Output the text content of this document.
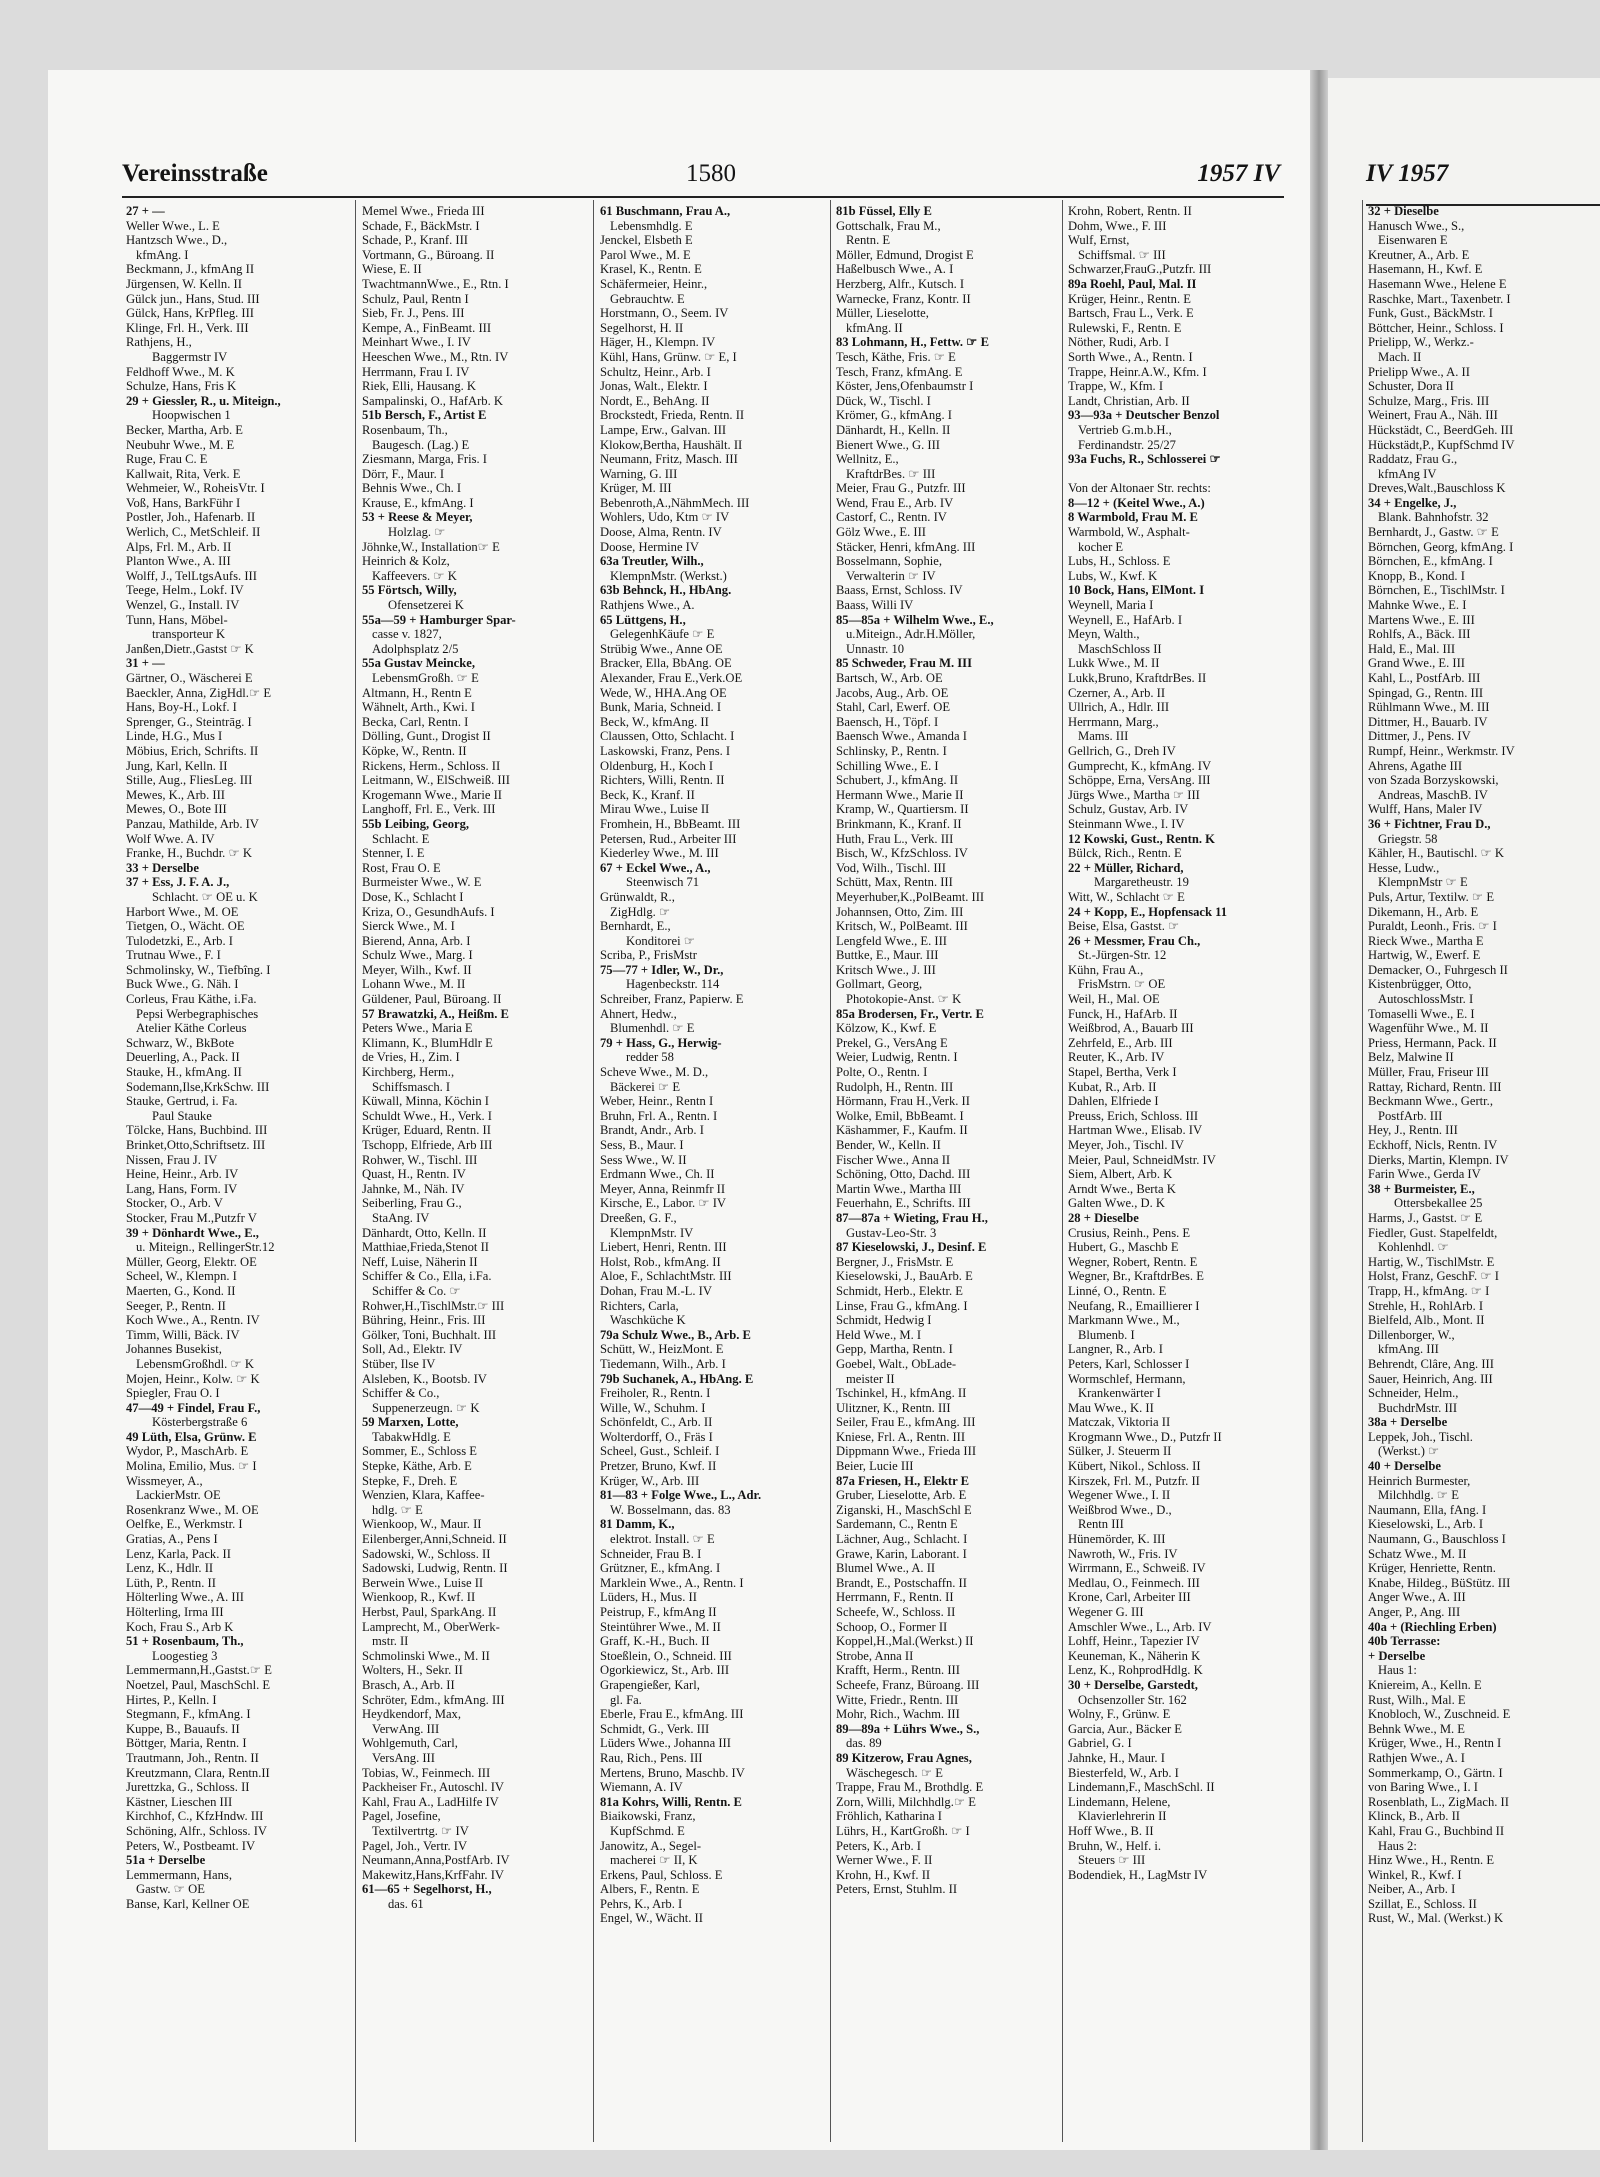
Vereinsstraße	1580	1957 IV	IV 1957
27 + —
Weller Wwe., L. E
Hantzsch Wwe., D.,
kfmAng. I
Beckmann, J., kfmAng II
Jürgensen, W. Kelln. II
Gülck jun., Hans, Stud. III
Gülck, Hans, KrPfleg. III
Klinge, Frl. H., Verk. III
Rathjens, H.,
Baggermstr IV
Feldhoff Wwe., M. K
Schulze, Hans, Fris K
29 + Giessler, R., u. Miteign.,
Hoopwischen 1
Becker, Martha, Arb. E
Neubuhr Wwe., M. E
Ruge, Frau C. E
Kallwait, Rita, Verk. E
Wehmeier, W., RoheisVtr. I
Voß, Hans, BarkFühr I
Postler, Joh., Hafenarb. II
Werlich, C., MetSchleif. II
Alps, Frl. M., Arb. II
Planton Wwe., A. III
Wolff, J., TelLtgsAufs. III
Teege, Helm., Lokf. IV
Wenzel, G., Install. IV
Tunn, Hans, Möbel-
transporteur K
Janßen,Dietr.,Gastst ☞ K
31 + —
Gärtner, O., Wäscherei E
Baeckler, Anna, ZigHdl.☞ E
Hans, Boy-H., Lokf. I
Sprenger, G., Steintrāg. I
Linde, H.G., Mus I
Möbius, Erich, Schrifts. II
Jung, Karl, Kelln. II
Stille, Aug., FliesLeg. III
Mewes, K., Arb. III
Mewes, O., Bote III
Panzau, Mathilde, Arb. IV
Wolf Wwe. A. IV
Franke, H., Buchdr. ☞ K
33 + Derselbe
37 + Ess, J. F. A. J.,
Schlacht. ☞ OE u. K
Harbort Wwe., M. OE
Tietgen, O., Wächt. OE
Tulodetzki, E., Arb. I
Trutnau Wwe., F. I
Schmolinsky, W., Tiefbîng. I
Buck Wwe., G. Näh. I
Corleus, Frau Käthe, i.Fa.
Pepsi Werbegraphisches
Atelier Käthe Corleus
Schwarz, W., BkBote
Deuerling, A., Pack. II
Stauke, H., kfmAng. II
Sodemann,Ilse,KrkSchw. III
Stauke, Gertrud, i. Fa.
Paul Stauke
Tölcke, Hans, Buchbind. III
Brinket,Otto,Schriftsetz. III
Nissen, Frau J. IV
Heine, Heinr., Arb. IV
Lang, Hans, Form. IV
Stocker, O., Arb. V
Stocker, Frau M.,Putzfr V
39 + Dönhardt Wwe., E.,
u. Miteign., RellingerStr.12
Müller, Georg, Elektr. OE
Scheel, W., Klempn. I
Maerten, G., Kond. II
Seeger, P., Rentn. II
Koch Wwe., A., Rentn. IV
Timm, Willi, Bäck. IV
Johannes Busekist,
LebensmGroßhdl. ☞ K
Mojen, Heinr., Kolw. ☞ K
Spiegler, Frau O. I
47—49 + Findel, Frau F.,
Kösterbergstraße 6
49 Lüth, Elsa, Grünw. E
Wydor, P., MaschArb. E
Molina, Emilio, Mus. ☞ I
Wissmeyer, A.,
LackierMstr. OE
Rosenkranz Wwe., M. OE
Oelfke, E., Werkmstr. I
Gratias, A., Pens I
Lenz, Karla, Pack. II
Lenz, K., Hdlr. II
Lüth, P., Rentn. II
Hölterling Wwe., A. III
Hölterling, Irma III
Koch, Frau S., Arb K
51 + Rosenbaum, Th.,
Loogestieg 3
Lemmermann,H.,Gastst.☞ E
Noetzel, Paul, MaschSchl. E
Hirtes, P., Kelln. I
Stegmann, F., kfmAng. I
Kuppe, B., Bauaufs. II
Böttger, Maria, Rentn. I
Trautmann, Joh., Rentn. II
Kreutzmann, Clara, Rentn.II
Jurettzka, G., Schloss. II
Kästner, Lieschen III
Kirchhof, C., KfzHndw. III
Schöning, Alfr., Schloss. IV
Peters, W., Postbeamt. IV
51a + Derselbe
Lemmermann, Hans,
Gastw. ☞ OE
Banse, Karl, Kellner OE
Memel Wwe., Frieda III
Schade, F., BäckMstr. I
Schade, P., Kranf. III
Vortmann, G., Büroang. II
Wiese, E. II
TwachtmannWwe., E., Rtn. I
Schulz, Paul, Rentn I
Sieb, Fr. J., Pens. III
Kempe, A., FinBeamt. III
Meinhart Wwe., I. IV
Heeschen Wwe., M., Rtn. IV
Herrmann, Frau I. IV
Riek, Elli, Hausang. K
Sampalinski, O., HafArb. K
51b Bersch, F., Artist E
Rosenbaum, Th.,
Baugesch. (Lag.) E
Ziesmann, Marga, Fris. I
Dörr, F., Maur. I
Behnis Wwe., Ch. I
Krause, E., kfmAng. I
53 + Reese & Meyer,
Holzlag. ☞
Jöhnke,W., Installation☞ E
Heinrich & Kolz,
Kaffeevers. ☞ K
55 Förtsch, Willy,
Ofensetzerei K
55a—59 + Hamburger Spar-
casse v. 1827,
Adolphsplatz 2/5
55a Gustav Meincke,
LebensmGroßh. ☞ E
Altmann, H., Rentn E
Wähnelt, Arth., Kwi. I
Becka, Carl, Rentn. I
Dölling, Gunt., Drogist II
Köpke, W., Rentn. II
Rickens, Herm., Schloss. II
Leitmann, W., ElSchweiß. III
Krogemann Wwe., Marie II
Langhoff, Frl. E., Verk. III
55b Leibing, Georg,
Schlacht. E
Stenner, I. E
Rost, Frau O. E
Burmeister Wwe., W. E
Dose, K., Schlacht I
Kriza, O., GesundhAufs. I
Sierck Wwe., M. I
Bierend, Anna, Arb. I
Schulz Wwe., Marg. I
Meyer, Wilh., Kwf. II
Lohann Wwe., M. II
Güldener, Paul, Büroang. II
57 Brawatzki, A., Heißm. E
Peters Wwe., Maria E
Klimann, K., BlumHdlr E
de Vries, H., Zim. I
Kirchberg, Herm.,
Schiffsmasch. I
Küwall, Minna, Köchin I
Schuldt Wwe., H., Verk. I
Krüger, Eduard, Rentn. II
Tschopp, Elfriede, Arb III
Rohwer, W., Tischl. III
Quast, H., Rentn. IV
Jahnke, M., Näh. IV
Seiberling, Frau G.,
StaAng. IV
Dänhardt, Otto, Kelln. II
Matthiae,Frieda,Stenot II
Neff, Luise, Näherin II
Schiffer & Co., Ella, i.Fa.
Schiffer & Co. ☞
Rohwer,H.,TischlMstr.☞ III
Bühring, Heinr., Fris. III
Gölker, Toni, Buchhalt. III
Soll, Ad., Elektr. IV
Stüber, Ilse IV
Alsleben, K., Bootsb. IV
Schiffer & Co.,
Suppenerzeugn. ☞ K
59 Marxen, Lotte,
TabakwHdlg. E
Sommer, E., Schloss E
Stepke, Käthe, Arb. E
Stepke, F., Dreh. E
Wenzien, Klara, Kaffee-
hdlg. ☞ E
Wienkoop, W., Maur. II
Eilenberger,Anni,Schneid. II
Sadowski, W., Schloss. II
Sadowski, Ludwig, Rentn. II
Berwein Wwe., Luise II
Wienkoop, R., Kwf. II
Herbst, Paul, SparkAng. II
Lamprecht, M., OberWerk-
mstr. II
Schmolinski Wwe., M. II
Wolters, H., Sekr. II
Brasch, A., Arb. II
Schröter, Edm., kfmAng. III
Heydkendorf, Max,
VerwAng. III
Wohlgemuth, Carl,
VersAng. III
Tobias, W., Feinmech. III
Packheiser Fr., Autoschl. IV
Kahl, Frau A., LadHilfe IV
Pagel, Josefine,
Textilvertrtg. ☞ IV
Pagel, Joh., Vertr. IV
Neumann,Anna,PostfArb. IV
Makewitz,Hans,KrfFahr. IV
61—65 + Segelhorst, H.,
das. 61
61 Buschmann, Frau A.,
Lebensmhdlg. E
Jenckel, Elsbeth E
Parol Wwe., M. E
Krasel, K., Rentn. E
Schäfermeier, Heinr.,
Gebrauchtw. E
Horstmann, O., Seem. IV
Segelhorst, H. II
Häger, H., Klempn. IV
Kühl, Hans, Grünw. ☞ E, I
Schultz, Heinr., Arb. I
Jonas, Walt., Elektr. I
Nordt, E., BehAng. II
Brockstedt, Frieda, Rentn. II
Lampe, Erw., Galvan. III
Klokow,Bertha, Haushält. II
Neumann, Fritz, Masch. III
Warning, G. III
Krüger, M. III
Bebenroth,A.,NähmMech. III
Wohlers, Udo, Ktm ☞ IV
Doose, Alma, Rentn. IV
Doose, Hermine IV
63a Treutler, Wilh.,
KlempnMstr. (Werkst.)
63b Behnck, H., HbAng.
Rathjens Wwe., A.
65 Lüttgens, H.,
GelegenhKäufe ☞ E
Strübig Wwe., Anne OE
Bracker, Ella, BbAng. OE
Alexander, Frau E.,Verk.OE
Wede, W., HHA.Ang OE
Bunk, Maria, Schneid. I
Beck, W., kfmAng. II
Claussen, Otto, Schlacht. I
Laskowski, Franz, Pens. I
Oldenburg, H., Koch I
Richters, Willi, Rentn. II
Beck, K., Kranf. II
Mirau Wwe., Luise II
Fromhein, H., BbBeamt. III
Petersen, Rud., Arbeiter III
Kiederley Wwe., M. III
67 + Eckel Wwe., A.,
Steenwisch 71
Grünwaldt, R.,
ZigHdlg. ☞
Bernhardt, E.,
Konditorei ☞
Scriba, P., FrisMstr
75—77 + Idler, W., Dr.,
Hagenbeckstr. 114
Schreiber, Franz, Papierw. E
Ahnert, Hedw.,
Blumenhdl. ☞ E
79 + Hass, G., Herwig-
redder 58
Scheve Wwe., M. D.,
Bäckerei ☞ E
Weber, Heinr., Rentn I
Bruhn, Frl. A., Rentn. I
Brandt, Andr., Arb. I
Sess, B., Maur. I
Sess Wwe., W. II
Erdmann Wwe., Ch. II
Meyer, Anna, Reinmfr II
Kirsche, E., Labor. ☞ IV
Dreeßen, G. F.,
KlempnMstr. IV
Liebert, Henri, Rentn. III
Holst, Rob., kfmAng. II
Aloe, F., SchlachtMstr. III
Dohan, Frau M.-L. IV
Richters, Carla,
Waschküche K
79a Schulz Wwe., B., Arb. E
Schütt, W., HeizMont. E
Tiedemann, Wilh., Arb. I
79b Suchanek, A., HbAng. E
Freiholer, R., Rentn. I
Wille, W., Schuhm. I
Schönfeldt, C., Arb. II
Wolterdorff, O., Fräs I
Scheel, Gust., Schleif. I
Pretzer, Bruno, Kwf. II
Krüger, W., Arb. III
81—83 + Folge Wwe., L., Adr.
W. Bosselmann, das. 83
81 Damm, K.,
elektrot. Install. ☞ E
Schneider, Frau B. I
Grützner, E., kfmAng. I
Marklein Wwe., A., Rentn. I
Lüders, H., Mus. II
Peistrup, F., kfmAng II
Steintührer Wwe., M. II
Graff, K.-H., Buch. II
Stoeßlein, O., Schneid. III
Ogorkiewicz, St., Arb. III
Grapengießer, Karl,
gl. Fa.
Eberle, Frau E., kfmAng. III
Schmidt, G., Verk. III
Lüders Wwe., Johanna III
Rau, Rich., Pens. III
Mertens, Bruno, Maschb. IV
Wiemann, A. IV
81a Kohrs, Willi, Rentn. E
Biaikowski, Franz,
KupfSchmd. E
Janowitz, A., Segel-
macherei ☞ II, K
Erkens, Paul, Schloss. E
Albers, F., Rentn. E
Pehrs, K., Arb. I
Engel, W., Wächt. II
81b Füssel, Elly E
Gottschalk, Frau M.,
Rentn. E
Möller, Edmund, Drogist E
Haßelbusch Wwe., A. I
Herzberg, Alfr., Kutsch. I
Warnecke, Franz, Kontr. II
Müller, Lieselotte,
kfmAng. II
83 Lohmann, H., Fettw. ☞ E
Tesch, Käthe, Fris. ☞ E
Tesch, Franz, kfmAng. E
Köster, Jens,Ofenbaumstr I
Dück, W., Tischl. I
Krömer, G., kfmAng. I
Dänhardt, H., Kelln. II
Bienert Wwe., G. III
Wellnitz, E.,
KraftdrBes. ☞ III
Meier, Frau G., Putzfr. III
Wend, Frau E., Arb. IV
Castorf, C., Rentn. IV
Gölz Wwe., E. III
Stäcker, Henri, kfmAng. III
Bosselmann, Sophie,
Verwalterin ☞ IV
Baass, Ernst, Schloss. IV
Baass, Willi IV
85—85a + Wilhelm Wwe., E.,
u.Miteign., Adr.H.Möller,
Unnastr. 10
85 Schweder, Frau M. III
Bartsch, W., Arb. OE
Jacobs, Aug., Arb. OE
Stahl, Carl, Ewerf. OE
Baensch, H., Töpf. I
Baensch Wwe., Amanda I
Schlinsky, P., Rentn. I
Schilling Wwe., E. I
Schubert, J., kfmAng. II
Hermann Wwe., Marie II
Kramp, W., Quartiersm. II
Brinkmann, K., Kranf. II
Huth, Frau L., Verk. III
Bisch, W., KfzSchloss. IV
Vod, Wilh., Tischl. III
Schütt, Max, Rentn. III
Meyerhuber,K.,PolBeamt. III
Johannsen, Otto, Zim. III
Kritsch, W., PolBeamt. III
Lengfeld Wwe., E. III
Buttke, E., Maur. III
Kritsch Wwe., J. III
Gollmart, Georg,
Photokopie-Anst. ☞ K
85a Brodersen, Fr., Vertr. E
Kölzow, K., Kwf. E
Prekel, G., VersAng E
Weier, Ludwig, Rentn. I
Polte, O., Rentn. I
Rudolph, H., Rentn. III
Hörmann, Frau H.,Verk. II
Wolke, Emil, BbBeamt. I
Käshammer, F., Kaufm. II
Bender, W., Kelln. II
Fischer Wwe., Anna II
Schöning, Otto, Dachd. III
Martin Wwe., Martha III
Feuerhahn, E., Schrifts. III
87—87a + Wieting, Frau H.,
Gustav-Leo-Str. 3
87 Kieselowski, J., Desinf. E
Bergner, J., FrisMstr. E
Kieselowski, J., BauArb. E
Schmidt, Herb., Elektr. E
Linse, Frau G., kfmAng. I
Schmidt, Hedwig I
Held Wwe., M. I
Gepp, Martha, Rentn. I
Goebel, Walt., ObLade-
meister II
Tschinkel, H., kfmAng. II
Ulitzner, K., Rentn. III
Seiler, Frau E., kfmAng. III
Kniese, Frl. A., Rentn. III
Dippmann Wwe., Frieda III
Beier, Lucie III
87a Friesen, H., Elektr E
Gruber, Lieselotte, Arb. E
Ziganski, H., MaschSchl E
Sardemann, C., Rentn E
Lächner, Aug., Schlacht. I
Grawe, Karin, Laborant. I
Blumel Wwe., A. II
Brandt, E., Postschaffn. II
Herrmann, F., Rentn. II
Scheefe, W., Schloss. II
Schoop, O., Former II
Koppel,H.,Mal.(Werkst.) II
Strobe, Anna II
Krafft, Herm., Rentn. III
Scheefe, Franz, Büroang. III
Witte, Friedr., Rentn. III
Mohr, Rich., Wachm. III
89—89a + Lührs Wwe., S.,
das. 89
89 Kitzerow, Frau Agnes,
Wäschegesch. ☞ E
Trappe, Frau M., Brothdlg. E
Zorn, Willi, Milchhdlg.☞ E
Fröhlich, Katharina I
Lührs, H., KartGroßh. ☞ I
Peters, K., Arb. I
Werner Wwe., F. II
Krohn, H., Kwf. II
Peters, Ernst, Stuhlm. II
Krohn, Robert, Rentn. II
Dohm, Wwe., F. III
Wulf, Ernst,
Schiffsmal. ☞ III
Schwarzer,FrauG.,Putzfr. III
89a Roehl, Paul, Mal. II
Krüger, Heinr., Rentn. E
Bartsch, Frau L., Verk. E
Rulewski, F., Rentn. E
Nöther, Rudi, Arb. I
Sorth Wwe., A., Rentn. I
Trappe, Heinr.A.W., Kfm. I
Trappe, W., Kfm. I
Landt, Christian, Arb. II
93—93a + Deutscher Benzol
Vertrieb G.m.b.H.,
Ferdinandstr. 25/27
93a Fuchs, R., Schlosserei ☞
Von der Altonaer Str. rechts:
8—12 + (Keitel Wwe., A.)
8 Warmbold, Frau M. E
Warmbold, W., Asphalt-
kocher E
Lubs, H., Schloss. E
Lubs, W., Kwf. K
10 Bock, Hans, ElMont. I
Weynell, Maria I
Weynell, E., HafArb. I
Meyn, Walth.,
MaschSchloss II
Lukk Wwe., M. II
Lukk,Bruno, KraftdrBes. II
Czerner, A., Arb. II
Ullrich, A., Hdlr. III
Herrmann, Marg.,
Mams. III
Gellrich, G., Dreh IV
Gumprecht, K., kfmAng. IV
Schöppe, Erna, VersAng. III
Jürgs Wwe., Martha ☞ III
Schulz, Gustav, Arb. IV
Steinmann Wwe., I. IV
12 Kowski, Gust., Rentn. K
Bülck, Rich., Rentn. E
22 + Müller, Richard,
Margaretheustr. 19
Witt, W., Schlacht ☞ E
24 + Kopp, E., Hopfensack 11
Beise, Elsa, Gastst. ☞
26 + Messmer, Frau Ch.,
St.-Jürgen-Str. 12
Kühn, Frau A.,
FrisMstrn. ☞ OE
Weil, H., Mal. OE
Funck, H., HafArb. II
Weißbrod, A., Bauarb III
Zehrfeld, E., Arb. III
Reuter, K., Arb. IV
Stapel, Bertha, Verk I
Kubat, R., Arb. II
Dahlen, Elfriede I
Preuss, Erich, Schloss. III
Hartman Wwe., Elisab. IV
Meyer, Joh., Tischl. IV
Meier, Paul, SchneidMstr. IV
Siem, Albert, Arb. K
Arndt Wwe., Berta K
Galten Wwe., D. K
28 + Dieselbe
Crusius, Reinh., Pens. E
Hubert, G., Maschb E
Wegner, Robert, Rentn. E
Wegner, Br., KraftdrBes. E
Linné, O., Rentn. E
Neufang, R., Emaillierer I
Markmann Wwe., M.,
Blumenb. I
Langner, R., Arb. I
Peters, Karl, Schlosser I
Wormschlef, Hermann,
Krankenwärter I
Mau Wwe., K. II
Matczak, Viktoria II
Krogmann Wwe., D., Putzfr II
Sülker, J. Steuerm II
Kübert, Nikol., Schloss. II
Kirszek, Frl. M., Putzfr. II
Wegener Wwe., I. II
Weißbrod Wwe., D.,
Rentn III
Hünemörder, K. III
Nawroth, W., Fris. IV
Wirrmann, E., Schweiß. IV
Medlau, O., Feinmech. III
Krone, Carl, Arbeiter III
Wegener G. III
Amschler Wwe., L., Arb. IV
Lohff, Heinr., Tapezier IV
Keuneman, K., Näherin K
Lenz, K., RohprodHdlg. K
30 + Derselbe, Garstedt,
Ochsenzoller Str. 162
Wolny, F., Grünw. E
Garcia, Aur., Bäcker E
Gabriel, G. I
Jahnke, H., Maur. I
Biesterfeld, W., Arb. I
Lindemann,F., MaschSchl. II
Lindemann, Helene,
Klavierlehrerin II
Hoff Wwe., B. II
Bruhn, W., Helf. i.
Steuers ☞ III
Bodendiek, H., LagMstr IV
32 + Dieselbe
Hanusch Wwe., S.,
Eisenwaren E
Kreutner, A., Arb. E
Hasemann, H., Kwf. E
Hasemann Wwe., Helene E
Raschke, Mart., Taxenbetr. I
Funk, Gust., BäckMstr. I
Böttcher, Heinr., Schloss. I
Prielipp, W., Werkz.-
Mach. II
Prielipp Wwe., A. II
Schuster, Dora II
Schulze, Marg., Fris. III
Weinert, Frau A., Näh. III
Hückstädt, C., BeerdGeh. III
Hückstädt,P., KupfSchmd IV
Raddatz, Frau G.,
kfmAng IV
Dreves,Walt.,Bauschloss K
34 + Engelke, J.,
Blank. Bahnhofstr. 32
Bernhardt, J., Gastw. ☞ E
Börnchen, Georg, kfmAng. I
Börnchen, E., kfmAng. I
Knopp, B., Kond. I
Börnchen, E., TischlMstr. I
Mahnke Wwe., E. I
Martens Wwe., E. III
Rohlfs, A., Bäck. III
Hald, E., Mal. III
Grand Wwe., E. III
Kahl, L., PostfArb. III
Spingad, G., Rentn. III
Rühlmann Wwe., M. III
Dittmer, H., Bauarb. IV
Dittmer, J., Pens. IV
Rumpf, Heinr., Werkmstr. IV
Ahrens, Agathe III
von Szada Borzyskowski,
Andreas, MaschB. IV
Wulff, Hans, Maler IV
36 + Fichtner, Frau D.,
Griegstr. 58
Kähler, H., Bautischl. ☞ K
Hesse, Ludw.,
KlempnMstr ☞ E
Puls, Artur, Textilw. ☞ E
Dikemann, H., Arb. E
Puraldt, Leonh., Fris. ☞ I
Rieck Wwe., Martha E
Hartwig, W., Ewerf. E
Demacker, O., Fuhrgesch II
Kistenbrügger, Otto,
AutoschlossMstr. I
Tomaselli Wwe., E. I
Wagenführ Wwe., M. II
Priess, Hermann, Pack. II
Belz, Malwine II
Müller, Frau, Friseur III
Rattay, Richard, Rentn. III
Beckmann Wwe., Gertr.,
PostfArb. III
Hey, J., Rentn. III
Eckhoff, Nicls, Rentn. IV
Dierks, Martin, Klempn. IV
Farin Wwe., Gerda IV
38 + Burmeister, E.,
Ottersbekallee 25
Harms, J., Gastst. ☞ E
Fiedler, Gust. Stapelfeldt,
Kohlenhdl. ☞
Hartig, W., TischlMstr. E
Holst, Franz, GeschF. ☞ I
Trapp, H., kfmAng. ☞ I
Strehle, H., RohlArb. I
Bielfeld, Alb., Mont. II
Dillenborger, W.,
kfmAng. III
Behrendt, Clâre, Ang. III
Sauer, Heinrich, Ang. III
Schneider, Helm.,
BuchdrMstr. III
38a + Derselbe
Leppek, Joh., Tischl.
(Werkst.) ☞
40 + Derselbe
Heinrich Burmester,
Milchhdlg. ☞ E
Naumann, Ella, fAng. I
Kieselowski, L., Arb. I
Naumann, G., Bauschloss I
Schatz Wwe., M. II
Krüger, Henriette, Rentn.
Knabe, Hildeg., BüStütz. III
Anger Wwe., A. III
Anger, P., Ang. III
40a + (Riechling Erben)
40b Terrasse:
+ Derselbe
Haus 1:
Kniereim, A., Kelln. E
Rust, Wilh., Mal. E
Knobloch, W., Zuschneid. E
Behnk Wwe., M. E
Krüger, Wwe., H., Rentn I
Rathjen Wwe., A. I
Sommerkamp, O., Gärtn. I
von Baring Wwe., I. I
Rosenblath, L., ZigMach. II
Klinck, B., Arb. II
Kahl, Frau G., Buchbind II
Haus 2:
Hinz Wwe., H., Rentn. E
Winkel, R., Kwf. I
Neiber, A., Arb. I
Szillat, E., Schloss. II
Rust, W., Mal. (Werkst.) K
